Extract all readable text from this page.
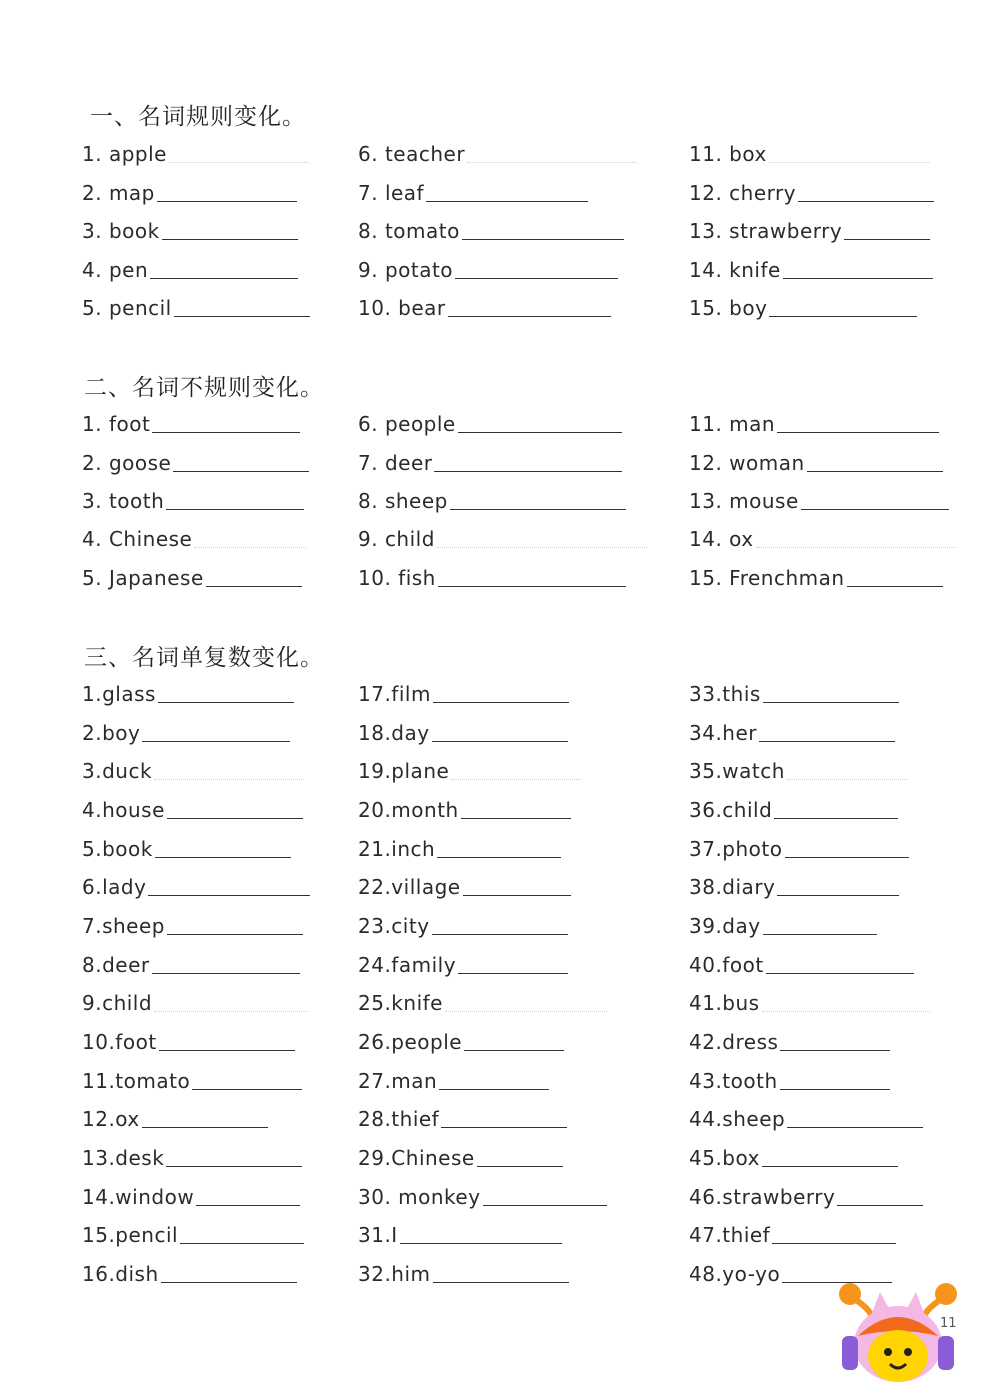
一、名词规则变化。
二、名词不规则变化。
三、名词单复数变化。
1. apple
2. map
3. book
4. pen
5. pencil
6. teacher
7. leaf
8. tomato
9. potato
10. bear
11. box
12. cherry
13. strawberry
14. knife
15. boy
1. foot
2. goose
3. tooth
4. Chinese
5. Japanese
6. people
7. deer
8. sheep
9. child
10. fish
11. man
12. woman
13. mouse
14. ox
15. Frenchman
1.glass
2.boy
3.duck
4.house
5.book
6.lady
7.sheep
8.deer
9.child
10.foot
11.tomato
12.ox
13.desk
14.window
15.pencil
16.dish
17.film
18.day
19.plane
20.month
21.inch
22.village
23.city
24.family
25.knife
26.people
27.man
28.thief
29.Chinese
30. monkey
31.I
32.him
33.this
34.her
35.watch
36.child
37.photo
38.diary
39.day
40.foot
41.bus
42.dress
43.tooth
44.sheep
45.box
46.strawberry
47.thief
48.yo-yo
11
